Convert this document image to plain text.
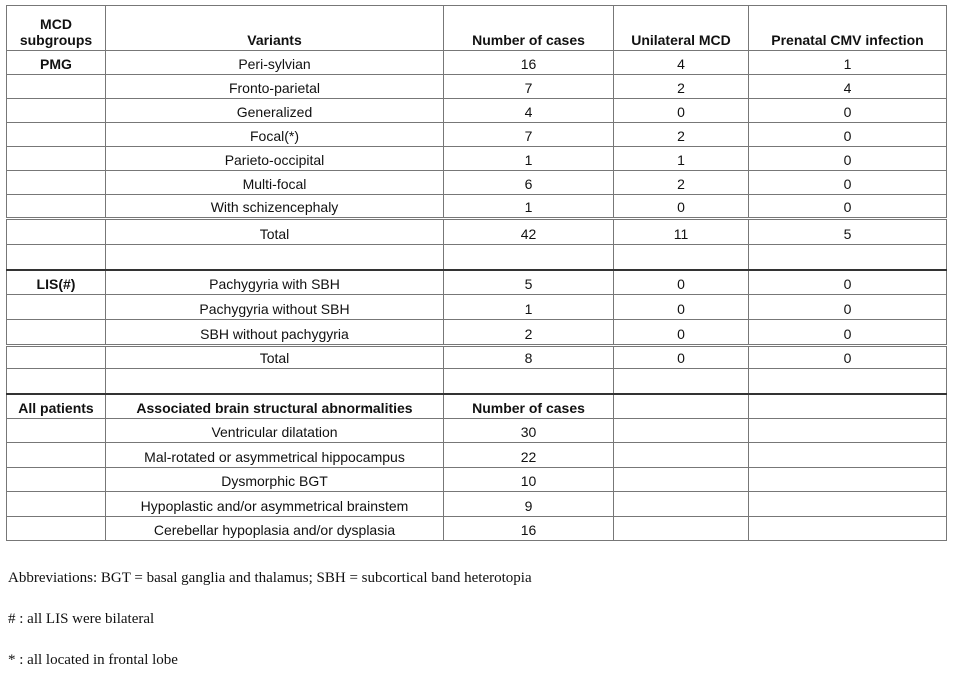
MCD subgroups	Variants	Number of cases	Unilateral MCD	Prenatal CMV infection
PMG	Peri-sylvian	16	4	1
	Fronto-parietal	7	2	4
	Generalized	4	0	0
	Focal(*)	7	2	0
	Parieto-occipital	1	1	0
	Multi-focal	6	2	0
	With schizencephaly	1	0	0
	Total	42	11	5

LIS(#)	Pachygyria with SBH	5	0	0
	Pachygyria without SBH	1	0	0
	SBH without pachygyria	2	0	0
	Total	8	0	0

All patients	Associated brain structural abnormalities	Number of cases		
	Ventricular dilatation	30		
	Mal-rotated or asymmetrical hippocampus	22		
	Dysmorphic BGT	10		
	Hypoplastic and/or asymmetrical brainstem	9		
	Cerebellar hypoplasia and/or dysplasia	16		
Abbreviations: BGT = basal ganglia and thalamus; SBH = subcortical band heterotopia
# : all LIS were bilateral
* : all located in frontal lobe
